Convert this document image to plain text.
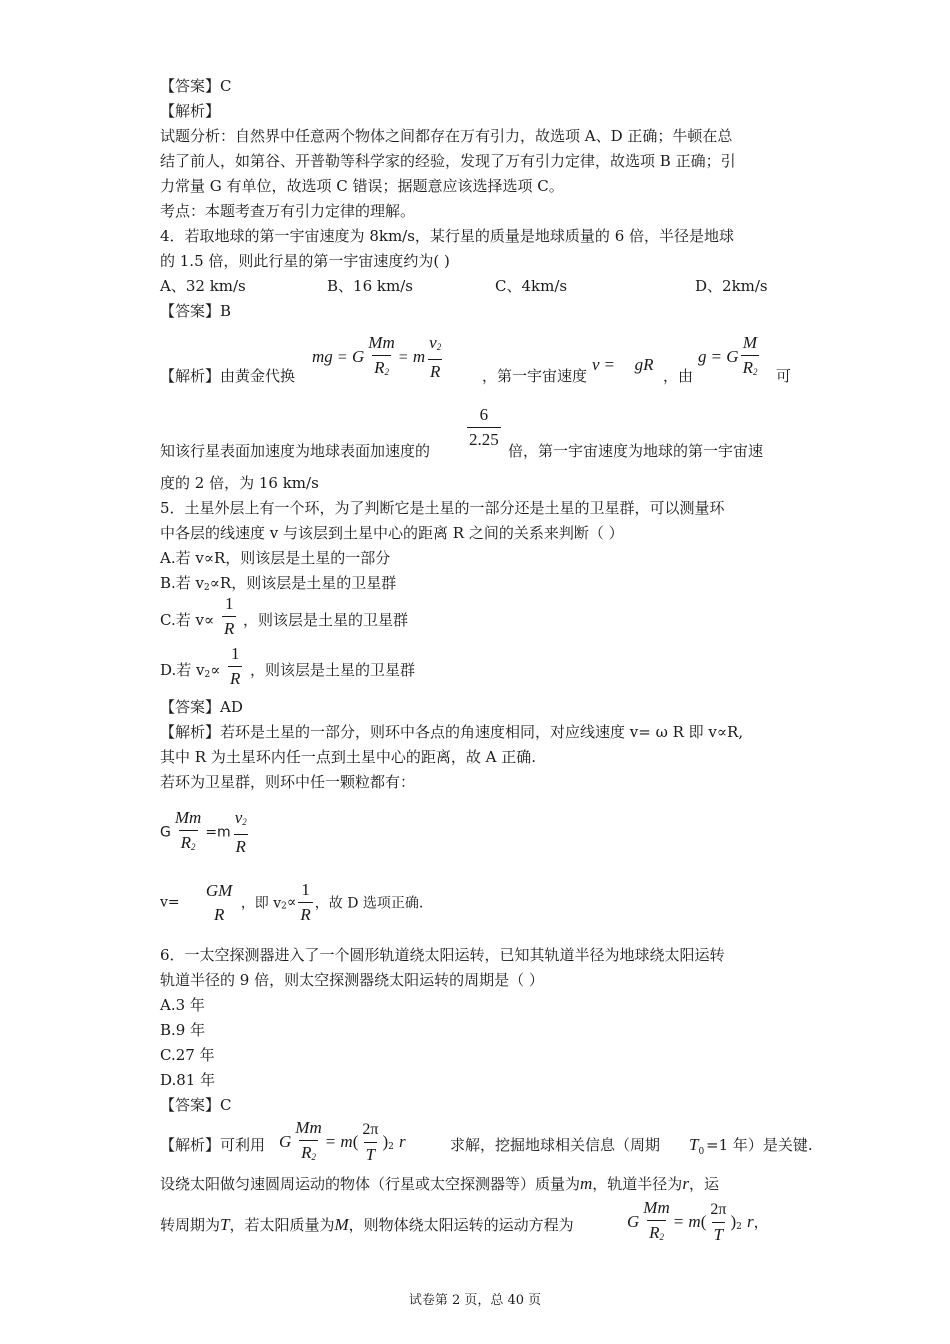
【答案】C
【解析】
试题分析：自然界中任意两个物体之间都存在万有引力，故选项 A、D 正确；牛顿在总
结了前人，如第谷、开普勒等科学家的经验，发现了万有引力定律，故选项 B 正确；引
力常量 G 有单位，故选项 C 错误；据题意应该选择选项 C。
考点：本题考查万有引力定律的理解。
4．若取地球的第一宇宙速度为 8km/s，某行星的质量是地球质量的 6 倍，半径是地球
的 1.5 倍，则此行星的第一宇宙速度约为( )
A、32 km/s	B、16 km/s	C、4km/s	D、2km/s
【答案】B
【解析】由黄金代换
mg = G $\frac{Mm}{R2} = m \frac{v2}{R}$	，第一宇宙速度
v = gR
，由
g = G $\frac{M}{R2}$ 可
知该行星表面加速度为地球表面加速度的
$\frac{6}{2.25}$
倍，第一宇宙速度为地球的第一宇宙速
度的 2 倍，为 16 km/s
5．土星外层上有一个环，为了判断它是土星的一部分还是土星的卫星群，可以测量环
中各层的线速度 v 与该层到土星中心的距离 R 之间的关系来判断（ ）
A.若 v∝R，则该层是土星的一部分
B.若 $v_2\propto R$，则该层是土星的卫星群
C.若 $v\propto \frac{1}{R}$ ，则该层是土星的卫星群
D.若 $v2\propto \frac{1}{R}$ ，则该层是土星的卫星群
【答案】AD
【解析】若环是土星的一部分，则环中各点的角速度相同，对应线速度 v= ω R 即 v∝R,
其中 R 为土星环内任一点到土星中心的距离，故 A 正确.
若环为卫星群，则环中任一颗粒都有：
G $\frac{Mm}{R2} =m \frac{v2}{R}$
v=
GM
R
，即 $v2\propto \frac{1}{R}$ ，故 D 选项正确.
6．一太空探测器进入了一个圆形轨道绕太阳运转，已知其轨道半径为地球绕太阳运转
轨道半径的 9 倍，则太空探测器绕太阳运转的周期是（ ）
A.3 年
B.9 年
C.27 年
D.81 年
【答案】C
【解析】可利用 G $\frac{Mm}{R2} = m( \frac{2\pi}{T} )2$ r	求解，挖掘地球相关信息（周期 $T_0 =1$ 年）是关键.
设绕太阳做匀速圆周运动的物体（行星或太空探测器等）质量为m，轨道半径为r，运
转周期为T，若太阳质量为M，则物体绕太阳运转的运动方程为	G $\frac{Mm}{R2} = m( \frac{2\pi}{T} )2$ r，
试卷第 2 页，总 40 页
